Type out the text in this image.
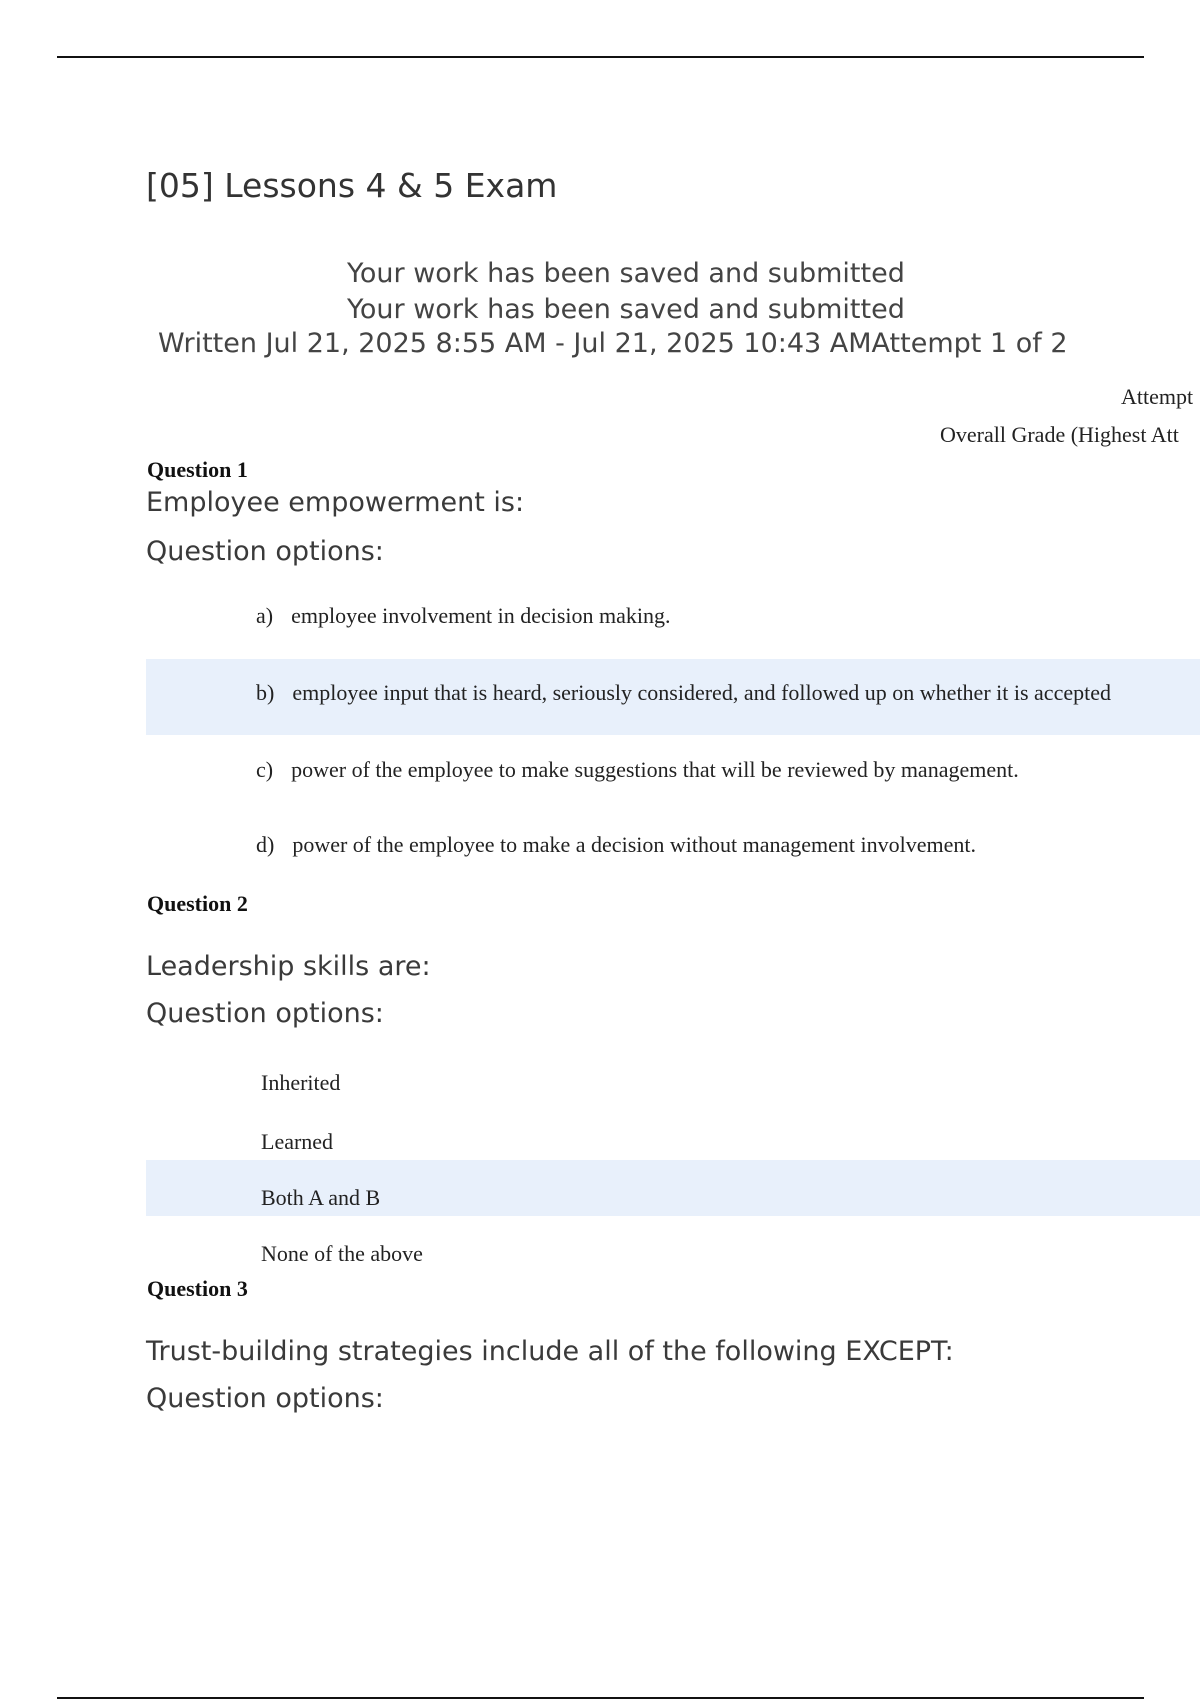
[05] Lessons 4 & 5 Exam
Your work has been saved and submitted
Your work has been saved and submitted
Written Jul 21, 2025 8:55 AM - Jul 21, 2025 10:43 AMAttempt 1 of 2
Attempt
Overall Grade (Highest Att
Question 1
Employee empowerment is:
Question options:
a) employee involvement in decision making.
b) employee input that is heard, seriously considered, and followed up on whether it is accepted
c) power of the employee to make suggestions that will be reviewed by management.
d) power of the employee to make a decision without management involvement.
Question 2
Leadership skills are:
Question options:
Inherited
Learned
Both A and B
None of the above
Question 3
Trust-building strategies include all of the following EXCEPT:
Question options:
